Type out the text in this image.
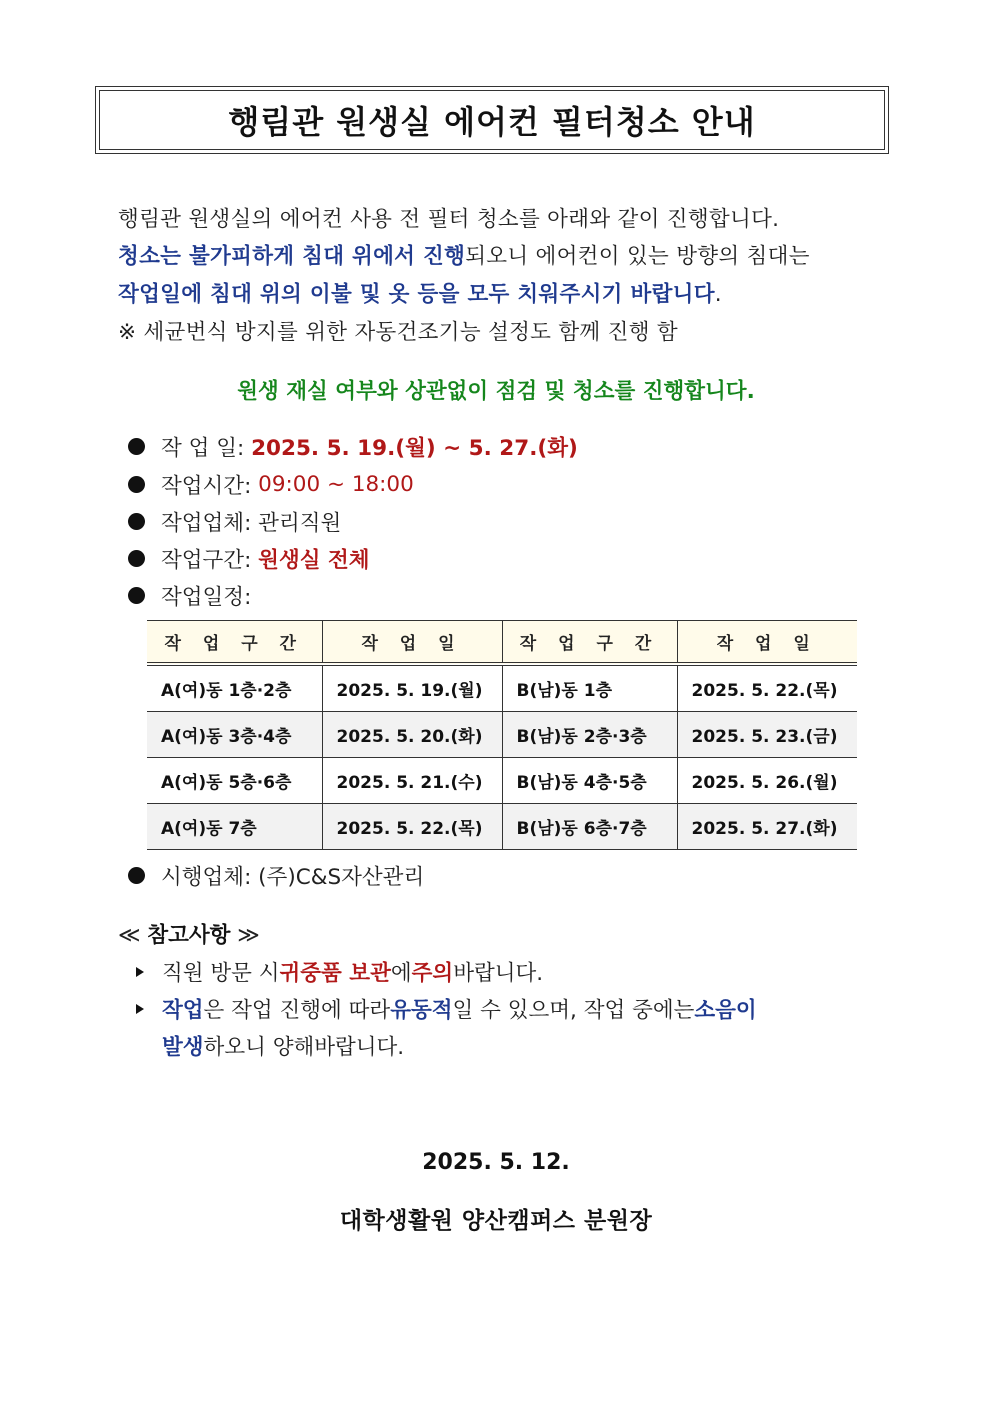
행림관 원생실 에어컨 필터청소 안내
행림관 원생실의 에어컨 사용 전 필터 청소를 아래와 같이 진행합니다.
청소는 불가피하게 침대 위에서 진행되오니 에어컨이 있는 방향의 침대는
작업일에 침대 위의 이불 및 옷 등을 모두 치워주시기 바랍니다.
※ 세균번식 방지를 위한 자동건조기능 설정도 함께 진행 함
원생 재실 여부와 상관없이 점검 및 청소를 진행합니다.
작 업 일:
2025. 5. 19.(월) ~ 5. 27.(화)
작업시간:
09:00 ~ 18:00
작업업체:
관리직원
작업구간:
원생실 전체
작업일정:
작 업 구 간	작 업 일	작 업 구 간	작 업 일
A(여)동 1층·2층	2025. 5. 19.(월)	B(남)동 1층	2025. 5. 22.(목)
A(여)동 3층·4층	2025. 5. 20.(화)	B(남)동 2층·3층	2025. 5. 23.(금)
A(여)동 5층·6층	2025. 5. 21.(수)	B(남)동 4층·5층	2025. 5. 26.(월)
A(여)동 7층	2025. 5. 22.(목)	B(남)동 6층·7층	2025. 5. 27.(화)
시행업체:
(주)C&S자산관리
≪ 참고사항 ≫
직원 방문 시 귀중품 보관 에 주의 바랍니다.
작업 은 작업 진행에 따라 유동적 일 수 있으며, 작업 중에는 소음이
발생하오니 양해바랍니다.
2025. 5. 12.
대학생활원 양산캠퍼스 분원장
